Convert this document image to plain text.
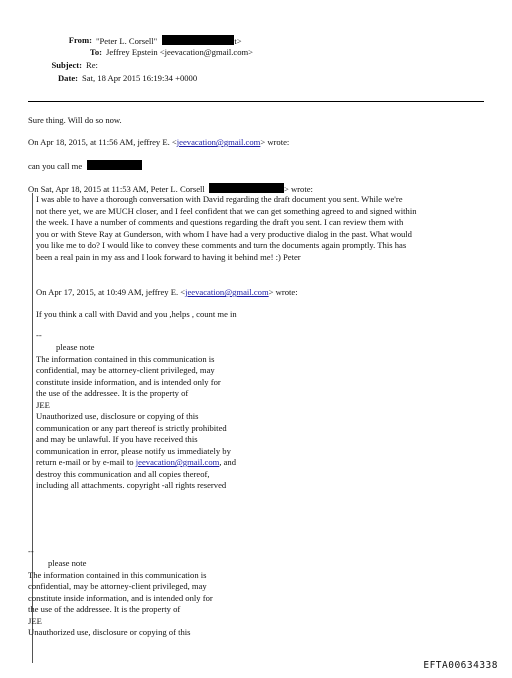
From: "Peter L. Corsell"	t>
To: Jeffrey Epstein <jeevacation@gmail.com>
Subject: Re:
Date: Sat, 18 Apr 2015 16:19:34 +0000
Sure thing. Will do so now.
On Apr 18, 2015, at 11:56 AM, jeffrey E. <jeevacation@gmail.com> wrote:
can you call me
On Sat, Apr 18, 2015 at 11:53 AM, Peter L. Corsell	> wrote:
I was able to have a thorough conversation with David regarding the draft document you sent. While we're
not there yet, we are MUCH closer, and I feel confident that we can get something agreed to and signed within
the week. I have a number of comments and questions regarding the draft you sent. I can review them with
you or with Steve Ray at Gunderson, with whom I have had a very productive dialog in the past. What would
you like me to do? I would like to convey these comments and turn the documents again promptly. This has
been a real pain in my ass and I look forward to having it behind me! :) Peter
On Apr 17, 2015, at 10:49 AM, jeffrey E. <jeevacation@gmail.com> wrote:
If you think a call with David and you ,helps , count me in
--
please note
The information contained in this communication is
confidential, may be attorney-client privileged, may
constitute inside information, and is intended only for
the use of the addressee. It is the property of
JEE
Unauthorized use, disclosure or copying of this
communication or any part thereof is strictly prohibited
and may be unlawful. If you have received this
communication in error, please notify us immediately by
return e-mail or by e-mail to jeevacation@gmail.com, and
destroy this communication and all copies thereof,
including all attachments. copyright -all rights reserved
--
please note
The information contained in this communication is
confidential, may be attorney-client privileged, may
constitute inside information, and is intended only for
the use of the addressee. It is the property of
JEE
Unauthorized use, disclosure or copying of this
EFTA00634338
